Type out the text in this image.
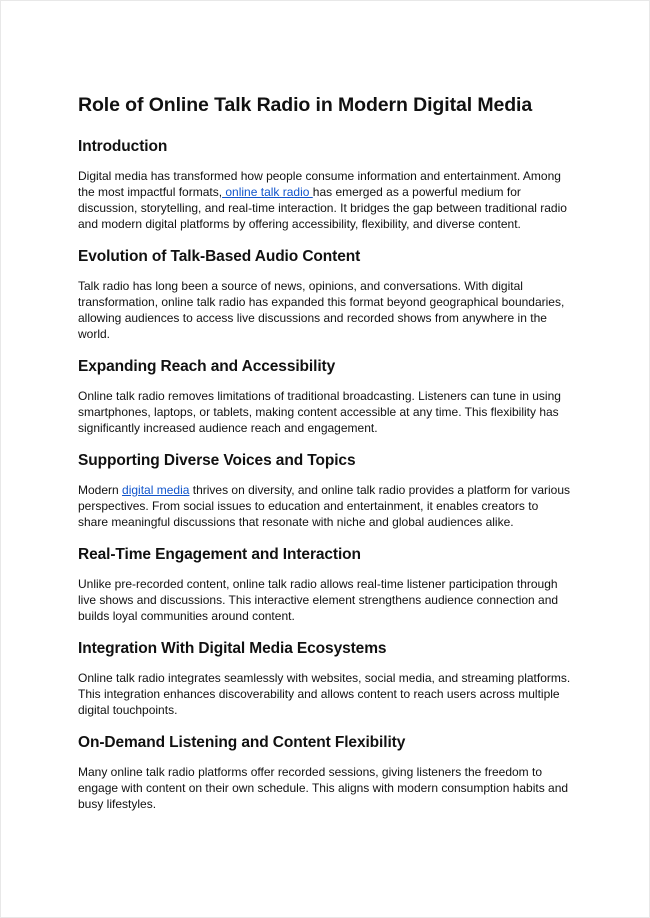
Role of Online Talk Radio in Modern Digital Media
Introduction

Digital media has transformed how people consume information and entertainment. Among the most impactful formats, online talk radio has emerged as a powerful medium for discussion, storytelling, and real-time interaction. It bridges the gap between traditional radio and modern digital platforms by offering accessibility, flexibility, and diverse content.

Evolution of Talk-Based Audio Content

Talk radio has long been a source of news, opinions, and conversations. With digital transformation, online talk radio has expanded this format beyond geographical boundaries, allowing audiences to access live discussions and recorded shows from anywhere in the world.

Expanding Reach and Accessibility

Online talk radio removes limitations of traditional broadcasting. Listeners can tune in using smartphones, laptops, or tablets, making content accessible at any time. This flexibility has significantly increased audience reach and engagement.

Supporting Diverse Voices and Topics

Modern digital media thrives on diversity, and online talk radio provides a platform for various perspectives. From social issues to education and entertainment, it enables creators to share meaningful discussions that resonate with niche and global audiences alike.

Real-Time Engagement and Interaction

Unlike pre-recorded content, online talk radio allows real-time listener participation through live shows and discussions. This interactive element strengthens audience connection and builds loyal communities around content.

Integration With Digital Media Ecosystems

Online talk radio integrates seamlessly with websites, social media, and streaming platforms. This integration enhances discoverability and allows content to reach users across multiple digital touchpoints.

On-Demand Listening and Content Flexibility

Many online talk radio platforms offer recorded sessions, giving listeners the freedom to engage with content on their own schedule. This aligns with modern consumption habits and busy lifestyles.
